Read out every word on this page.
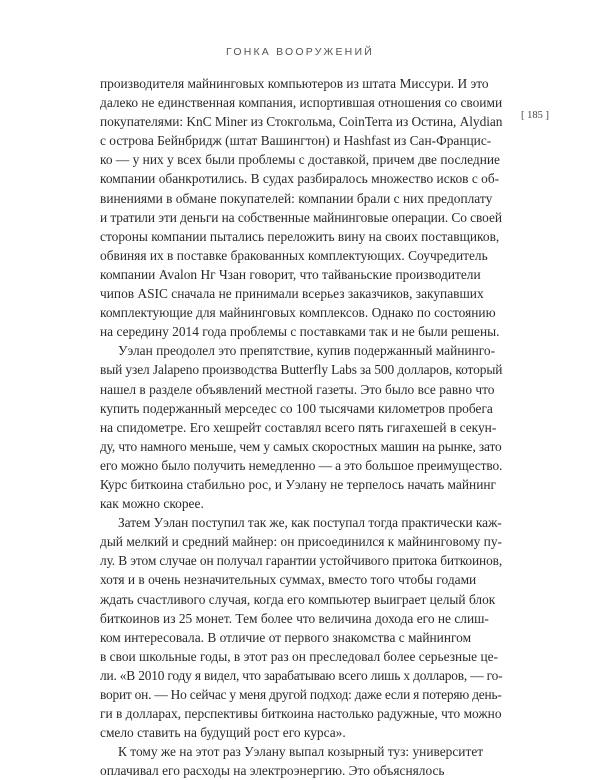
ГОНКА ВООРУЖЕНИЙ
[ 185 ]
производителя майнинговых компьютеров из штата Миссури. И это
далеко не единственная компания, испортившая отношения со своими
покупателями: KnC Miner из Стокгольма, CoinTerra из Остина, Alydian
с острова Бейнбридж (штат Вашингтон) и Hashfast из Сан-Францис-
ко — у них у всех были проблемы с доставкой, причем две последние
компании обанкротились. В судах разбиралось множество исков с об-
винениями в обмане покупателей: компании брали с них предоплату
и тратили эти деньги на собственные майнинговые операции. Со своей
стороны компании пытались переложить вину на своих поставщиков,
обвиняя их в поставке бракованных комплектующих. Соучредитель
компании Avalon Нг Чзан говорит, что тайваньские производители
чипов ASIC сначала не принимали всерьез заказчиков, закупавших
комплектующие для майнинговых комплексов. Однако по состоянию
на середину 2014 года проблемы с поставками так и не были решены.
Уэлан преодолел это препятствие, купив подержанный майнинго-
вый узел Jalapeno производства Butterfly Labs за 500 долларов, который
нашел в разделе объявлений местной газеты. Это было все равно что
купить подержанный мерседес со 100 тысячами километров пробега
на спидометре. Его хешрейт составлял всего пять гигахешей в секун-
ду, что намного меньше, чем у самых скоростных машин на рынке, зато
его можно было получить немедленно — а это большое преимущество.
Курс биткоина стабильно рос, и Уэлану не терпелось начать майнинг
как можно скорее.
Затем Уэлан поступил так же, как поступал тогда практически каж-
дый мелкий и средний майнер: он присоединился к майнинговому пу-
лу. В этом случае он получал гарантии устойчивого притока биткоинов,
хотя и в очень незначительных суммах, вместо того чтобы годами
ждать счастливого случая, когда его компьютер выиграет целый блок
биткоинов из 25 монет. Тем более что величина дохода его не слиш-
ком интересовала. В отличие от первого знакомства с майнингом
в свои школьные годы, в этот раз он преследовал более серьезные це-
ли. «В 2010 году я видел, что зарабатываю всего лишь x долларов, — го-
ворит он. — Но сейчас у меня другой подход: даже если я потеряю день-
ги в долларах, перспективы биткоина настолько радужные, что можно
смело ставить на будущий рост его курса».
К тому же на этот раз Уэлану выпал козырный туз: университет
оплачивал его расходы на электроэнергию. Это объяснялось
